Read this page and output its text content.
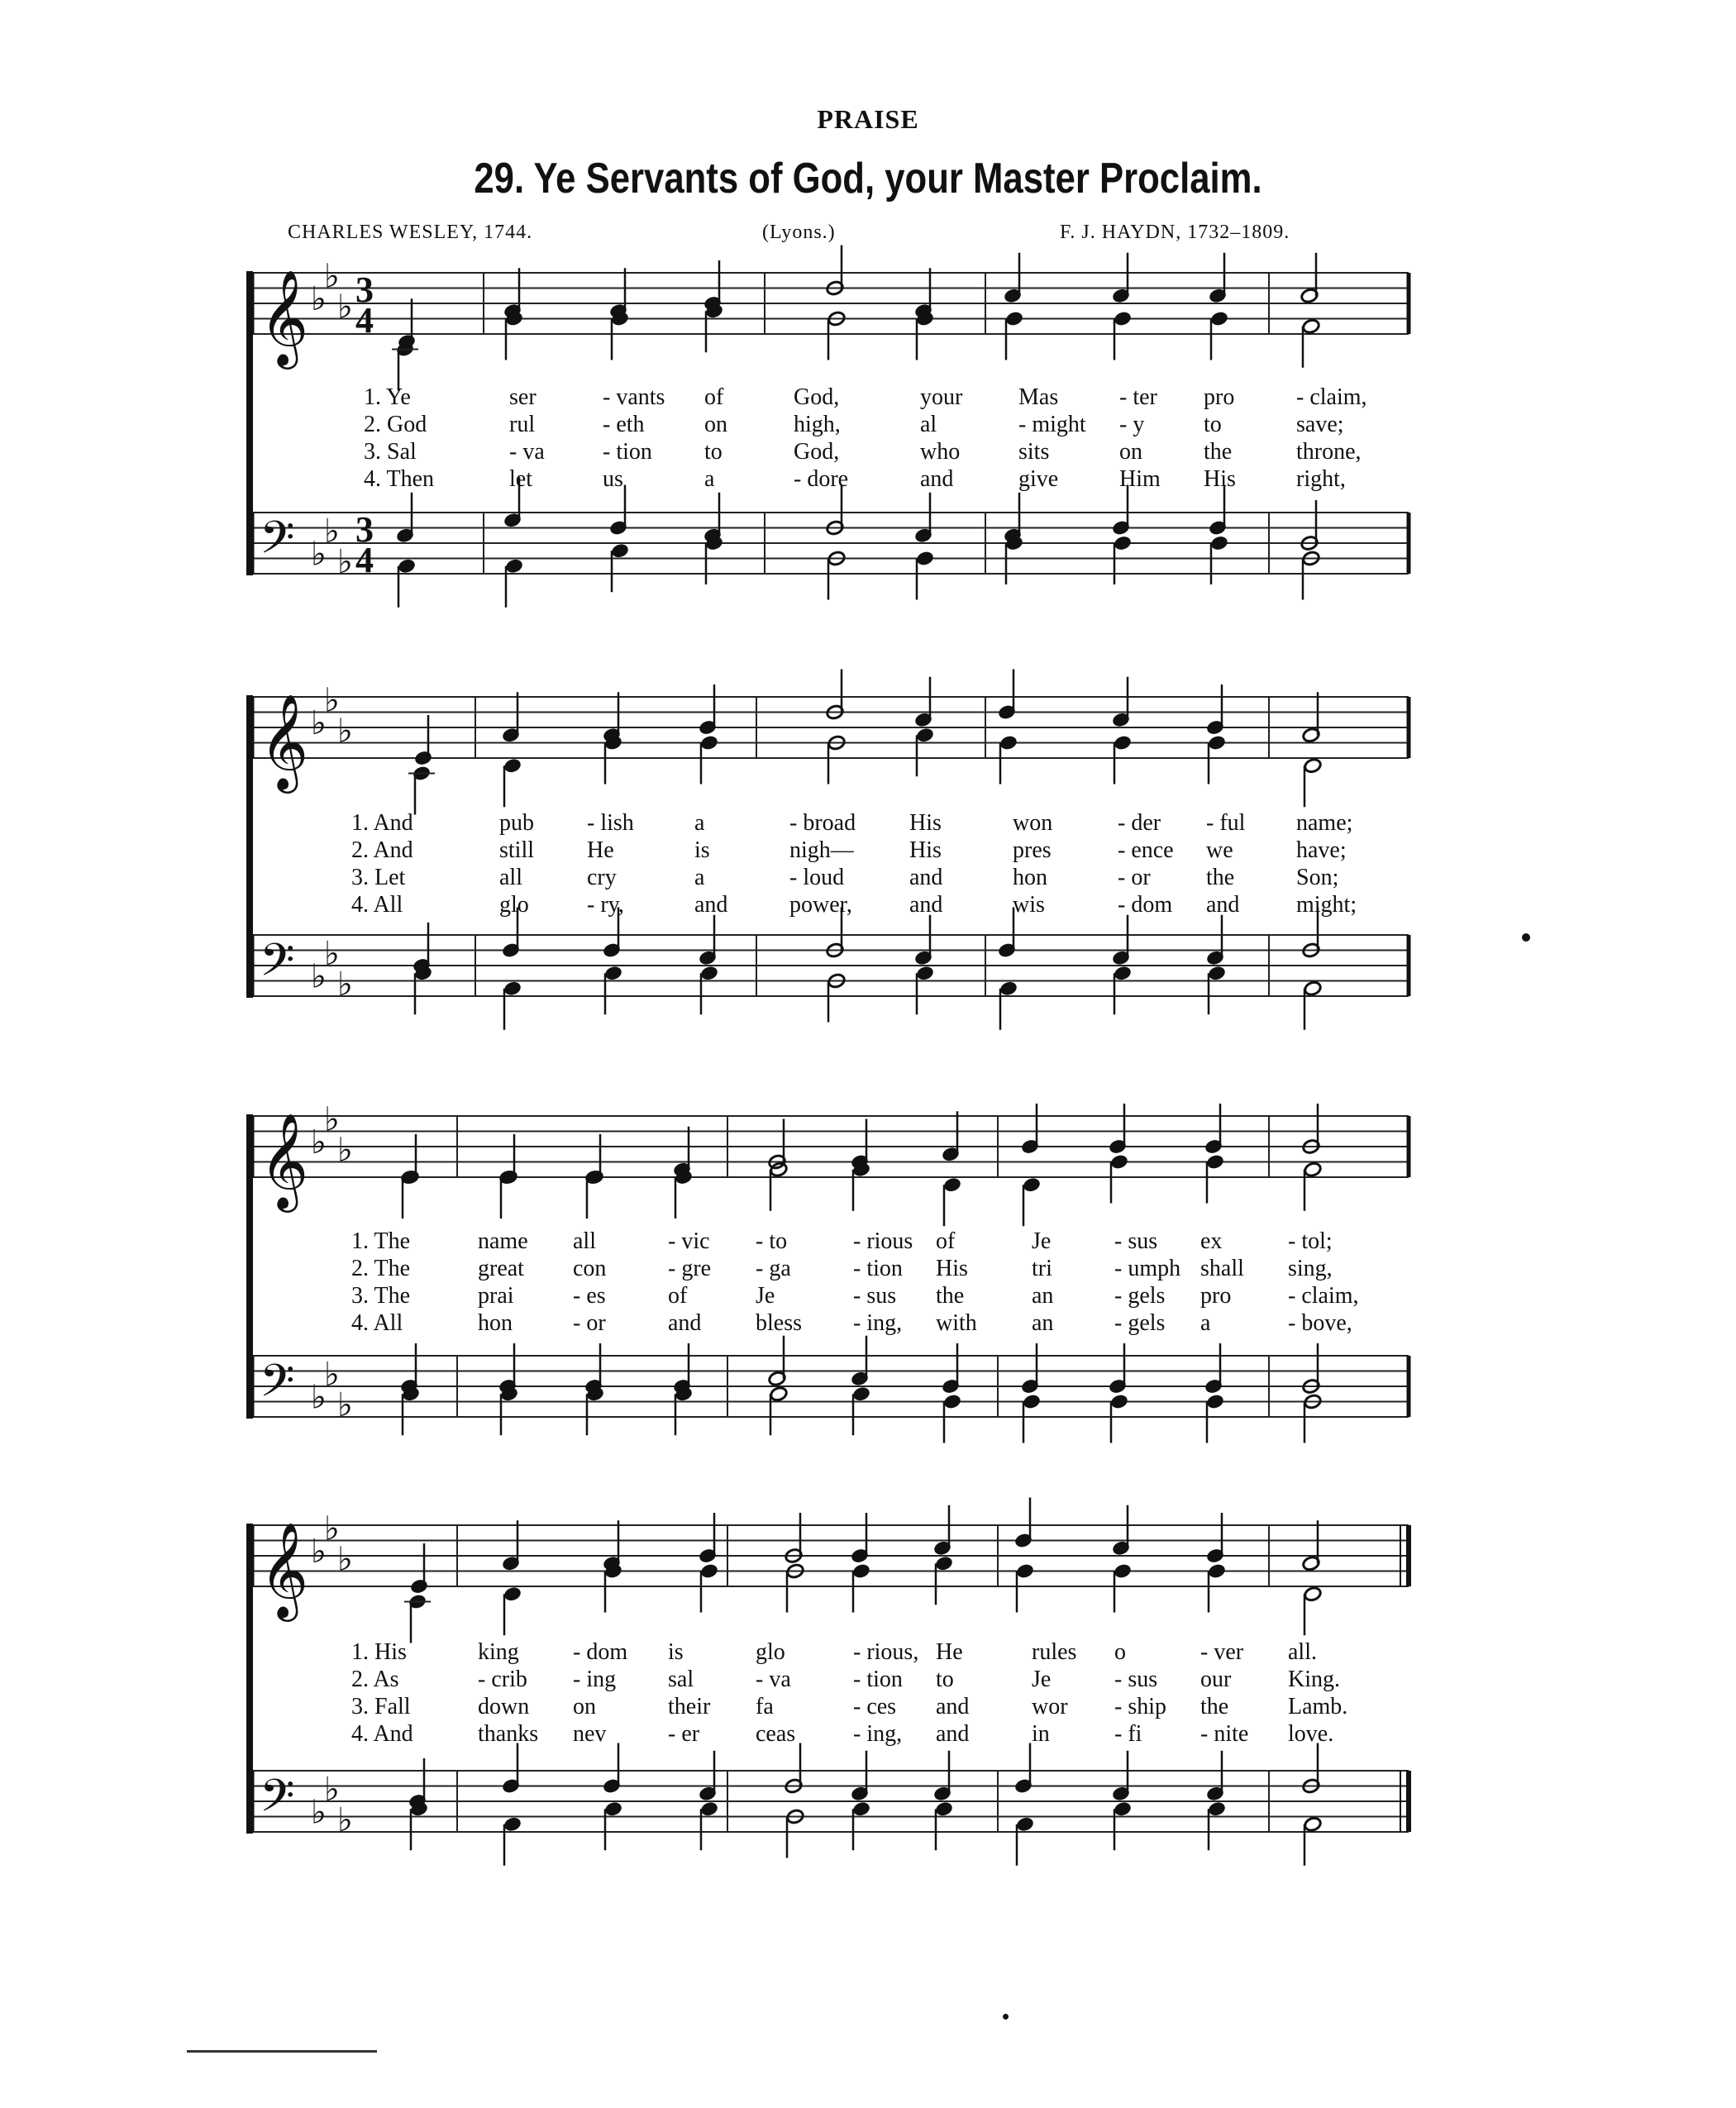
PRAISE
29. Ye Servants of God, your Master Proclaim.
CHARLES WESLEY, 1744.	(Lyons.)	F. J. HAYDN, 1732–1809.
𝄞 ♭
♭
♭ 3
4
𝄢 ♭
♭
♭
3
4
1. Ye	ser	- vants of	God,	your Mas	- ter pro	- claim,
2. God	rul	- eth	on	high,	al	- might - y	to	save;
3. Sal	- va	- tion to	God,	who	sits	on	the	throne,
4. Then	let	us	a	- dore	and	give	Him His	right,
𝄞 ♭
♭
♭
𝄢 ♭
♭
♭
1. And	pub - lish	a	- broad His	won	- der - ful name;
2. And	still He	is	nigh— His	pres	- ence we	have;
3. Let	all	cry	a	- loud	and	hon	- or the	Son;
4. All	glo	- ry,	and	power, and	wis	- dom and might;
𝄞 ♭
♭
♭
𝄢 ♭
♭
♭
1. The	name all	- vic - to	- rious of	Je	- sus ex	- tol;
2. The	great con	- gre - ga	- tion His	tri	- umph shall sing,
3. The	prai	- es	of	Je	- sus the	an	- gels pro - claim,
4. All	hon	- or	and bless - ing, with an	- gels a	- bove,
𝄞 ♭
♭
♭
𝄢 ♭
♭
♭
1. His	king - dom is	glo	- rious, He	rules o	- ver all.
2. As	- crib - ing sal	- va	- tion to	Je	- sus our King.
3. Fall	down on	their fa	- ces and	wor - ship the	Lamb.
4. And	thanks nev	- er ceas - ing, and	in	- fi	- nite love.
